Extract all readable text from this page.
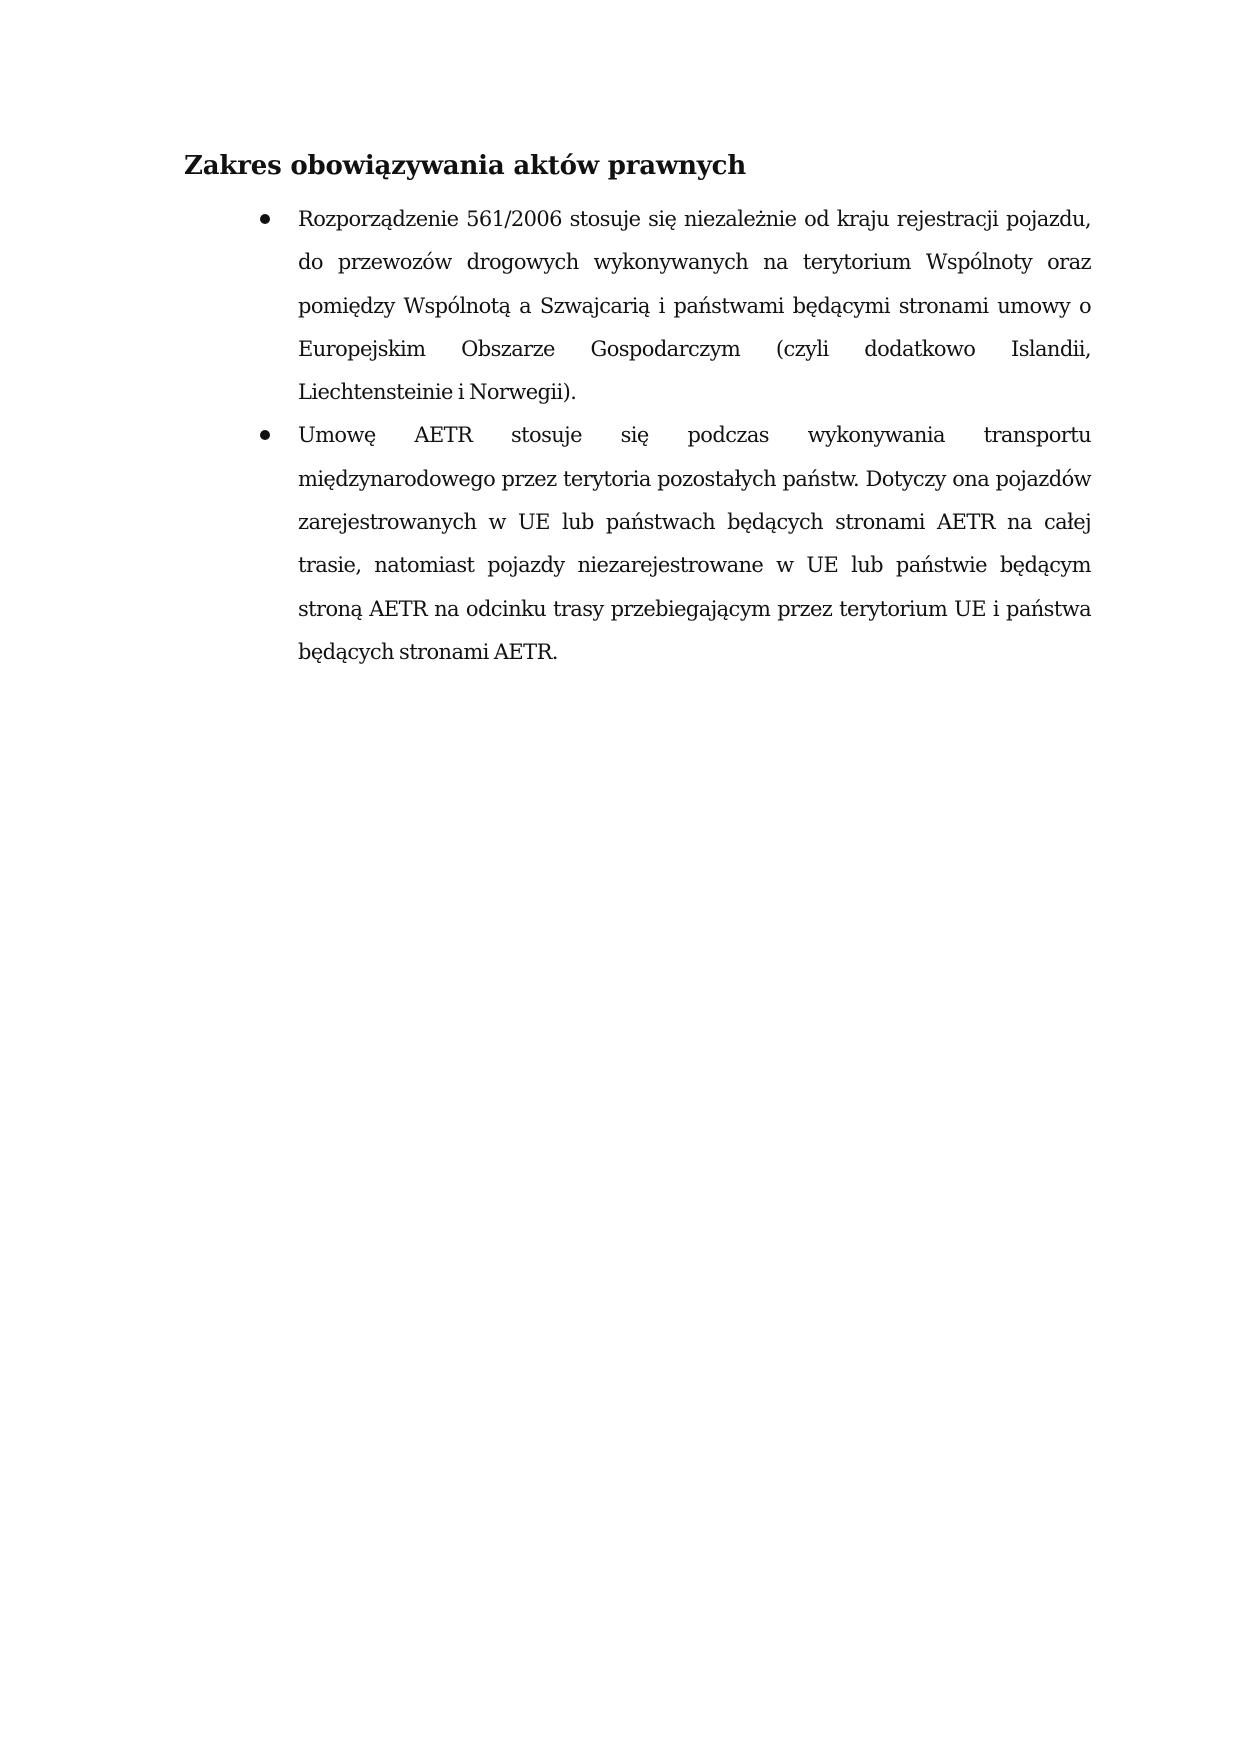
Zakres obowiązywania aktów prawnych
Rozporządzenie 561/2006 stosuje się niezależnie od kraju rejestracji pojazdu, do przewozów drogowych wykonywanych na terytorium Wspólnoty oraz pomiędzy Wspólnotą a Szwajcarią i państwami będącymi stronami umowy o Europejskim Obszarze Gospodarczym (czyli dodatkowo Islandii, Liechtensteinie i Norwegii).
Umowę AETR stosuje się podczas wykonywania transportu międzynarodowego przez terytoria pozostałych państw. Dotyczy ona pojazdów zarejestrowanych w UE lub państwach będących stronami AETR na całej trasie, natomiast pojazdy niezarejestrowane w UE lub państwie będącym stroną AETR na odcinku trasy przebiegającym przez terytorium UE i państwa będących stronami AETR.
